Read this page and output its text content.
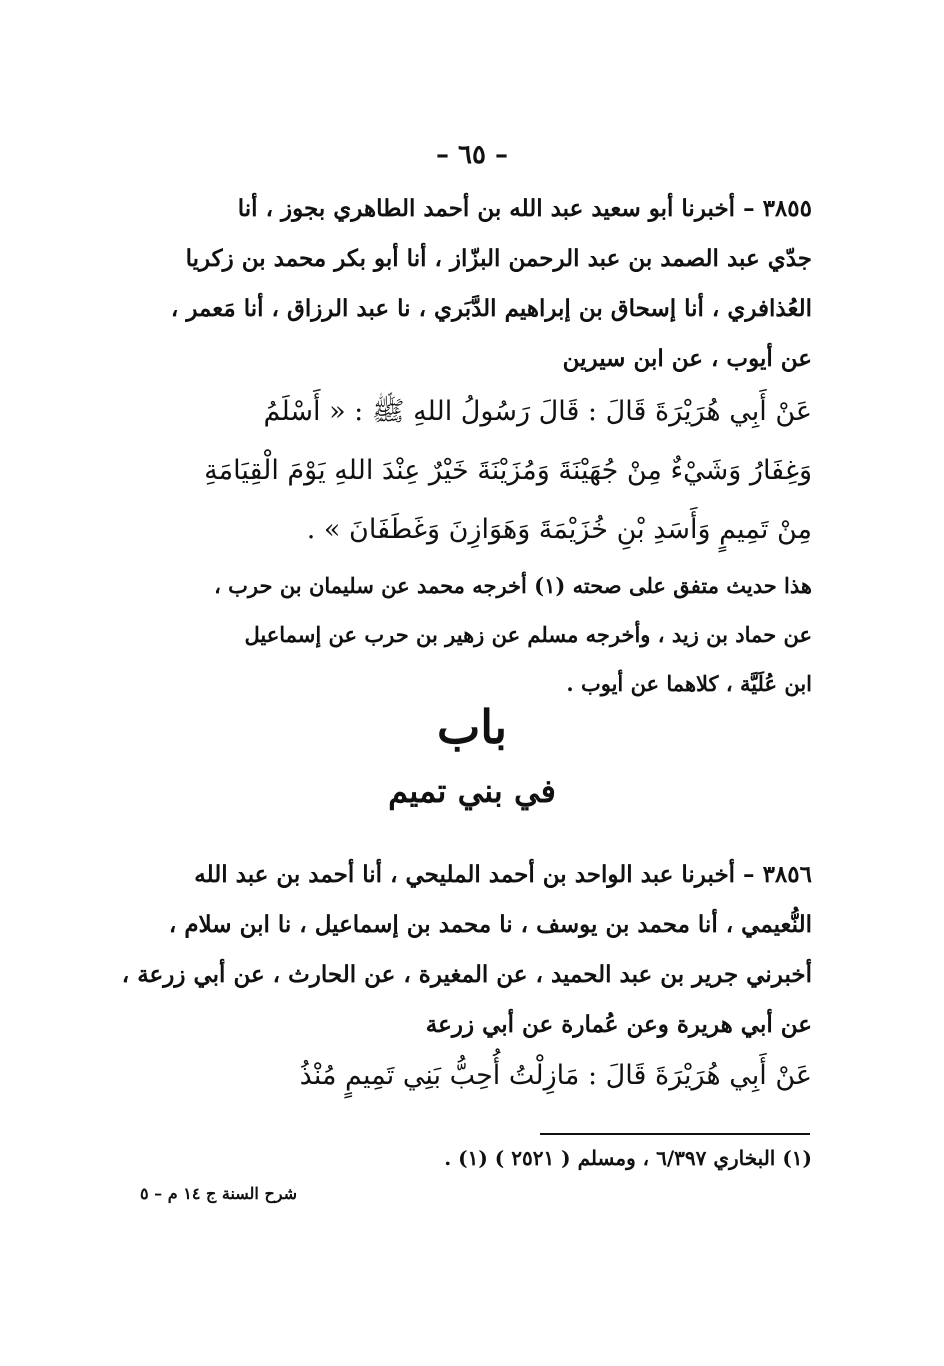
– ٦٥ –
٣٨٥٥ – أخبرنا أبو سعيد عبد الله بن أحمد الطاهري بجوز ، أنا
جدّي عبد الصمد بن عبد الرحمن البزّاز ، أنا أبو بكر محمد بن زكريا
العُذافري ، أنا إسحاق بن إبراهيم الدَّبَري ، نا عبد الرزاق ، أنا مَعمر ،
عن أيوب ، عن ابن سيرين
عَنْ أَبِي هُرَيْرَةَ قَالَ : قَالَ رَسُولُ اللهِ ﷺ : « أَسْلَمُ
وَغِفَارُ وَشَيْءٌ مِنْ جُهَيْنَةَ وَمُزَيْنَةَ خَيْرٌ عِنْدَ اللهِ يَوْمَ الْقِيَامَةِ
مِنْ تَمِيمٍ وَأَسَدِ بْنِ خُزَيْمَةَ وَهَوَازِنَ وَغَطَفَانَ » .
هذا حديث متفق على صحته (١) أخرجه محمد عن سليمان بن حرب ،
عن حماد بن زيد ، وأخرجه مسلم عن زهير بن حرب عن إسماعيل
ابن عُلَيَّة ، كلاهما عن أيوب .
باب
في بني تميم
٣٨٥٦ – أخبرنا عبد الواحد بن أحمد المليحي ، أنا أحمد بن عبد الله
النُّعيمي ، أنا محمد بن يوسف ، نا محمد بن إسماعيل ، نا ابن سلام ،
أخبرني جرير بن عبد الحميد ، عن المغيرة ، عن الحارث ، عن أبي زرعة ،
عن أبي هريرة وعن عُمارة عن أبي زرعة
عَنْ أَبِي هُرَيْرَةَ قَالَ : مَازِلْتُ أُحِبُّ بَنِي تَمِيمٍ مُنْذُ
(١) البخاري ٦/٣٩٧ ، ومسلم ( ٢٥٢١ ) (١) .
شرح السنة ج ١٤ م – ٥
